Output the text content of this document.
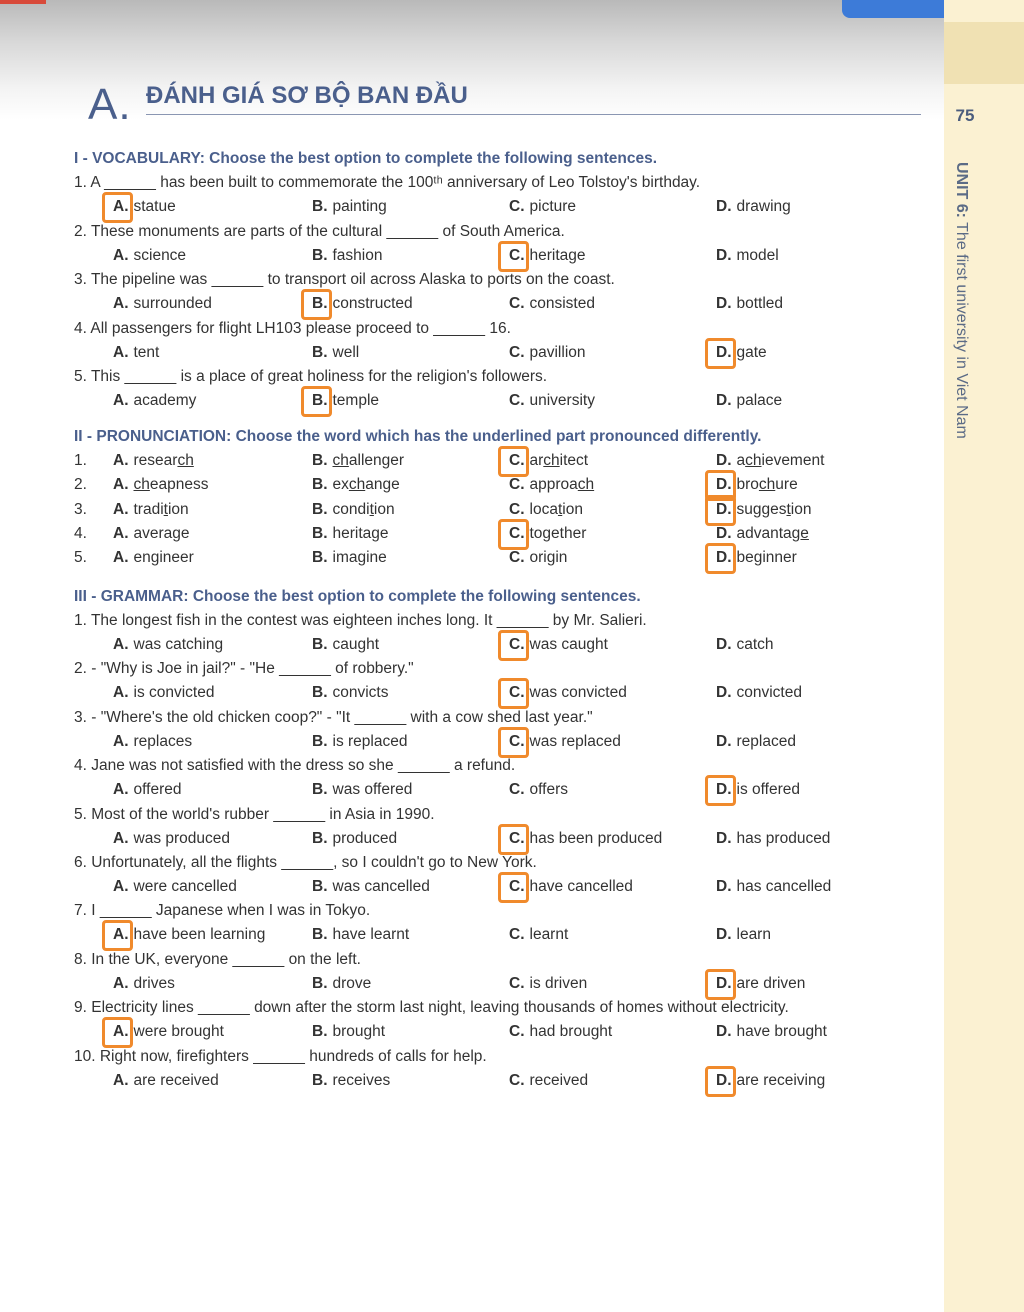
75
UNIT 6: The first university in Viet Nam
A. ĐÁNH GIÁ SƠ BỘ BAN ĐẦU
I - VOCABULARY: Choose the best option to complete the following sentences.
1. A ______ has been built to commemorate the 100ᵗʰ anniversary of Leo Tolstoy's birthday.
A. statue	B. painting	C. picture	D. drawing
2. These monuments are parts of the cultural ______ of South America.
A. science	B. fashion	C. heritage	D. model
3. The pipeline was ______ to transport oil across Alaska to ports on the coast.
A. surrounded	B. constructed	C. consisted	D. bottled
4. All passengers for flight LH103 please proceed to ______ 16.
A. tent	B. well	C. pavillion	D. gate
5. This ______ is a place of great holiness for the religion's followers.
A. academy	B. temple	C. university	D. palace
II - PRONUNCIATION: Choose the word which has the underlined part pronounced differently.
1. A. research	B. challenger	C. architect	D. achievement
2. A. cheapness	B. exchange	C. approach	D. brochure
3. A. tradition	B. condition	C. location	D. suggestion
4. A. average	B. heritage	C. together	D. advantage
5. A. engineer	B. imagine	C. origin	D. beginner
III - GRAMMAR: Choose the best option to complete the following sentences.
1. The longest fish in the contest was eighteen inches long. It ______ by Mr. Salieri.
A. was catching	B. caught	C. was caught	D. catch
2. - "Why is Joe in jail?" - "He ______ of robbery."
A. is convicted	B. convicts	C. was convicted	D. convicted
3. - "Where's the old chicken coop?" - "It ______ with a cow shed last year."
A. replaces	B. is replaced	C. was replaced	D. replaced
4. Jane was not satisfied with the dress so she ______ a refund.
A. offered	B. was offered	C. offers	D. is offered
5. Most of the world's rubber ______ in Asia in 1990.
A. was produced	B. produced	C. has been produced	D. has produced
6. Unfortunately, all the flights ______, so I couldn't go to New York.
A. were cancelled	B. was cancelled	C. have cancelled	D. has cancelled
7. I ______ Japanese when I was in Tokyo.
A. have been learning	B. have learnt	C. learnt	D. learn
8. In the UK, everyone ______ on the left.
A. drives	B. drove	C. is driven	D. are driven
9. Electricity lines ______ down after the storm last night, leaving thousands of homes without electricity.
A. were brought	B. brought	C. had brought	D. have brought
10. Right now, firefighters ______ hundreds of calls for help.
A. are received	B. receives	C. received	D. are receiving
